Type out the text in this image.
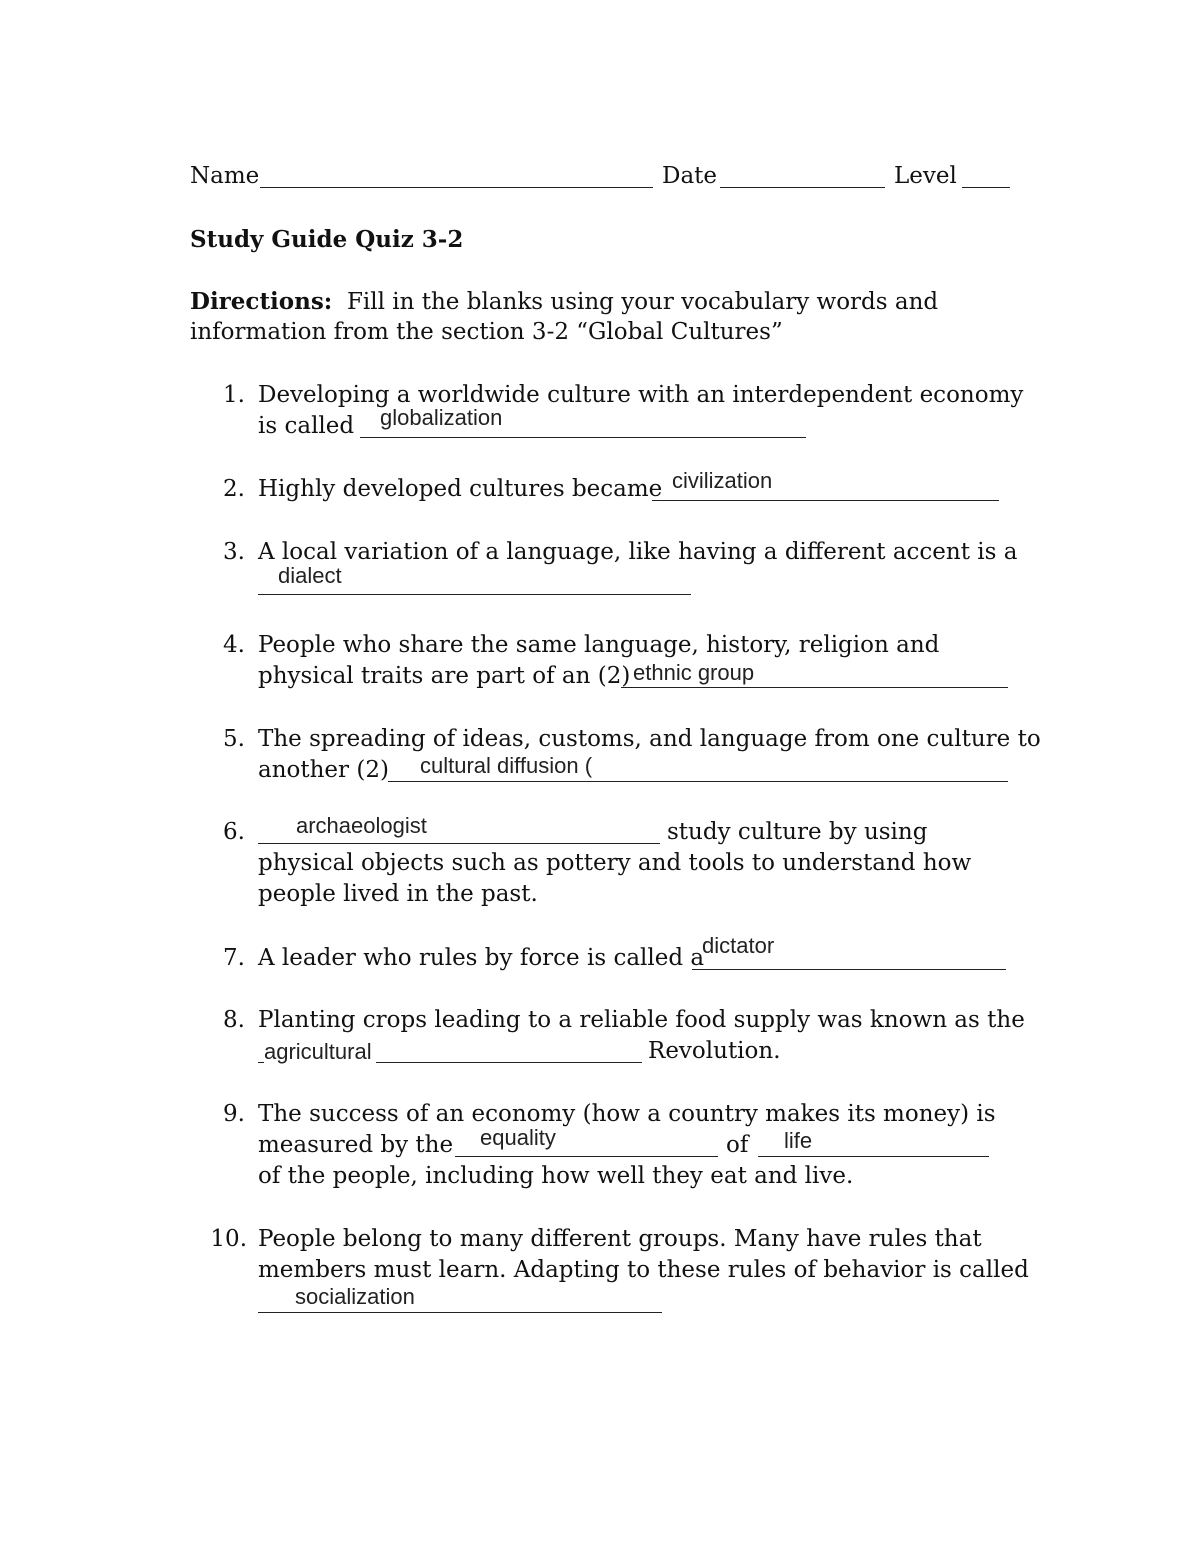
Name	Date	Level
Study Guide Quiz 3-2
Directions: Fill in the blanks using your vocabulary words and
information from the section 3-2 “Global Cultures”
1. Developing a worldwide culture with an interdependent economy
is called globalization
2. Highly developed cultures became civilization
3. A local variation of a language, like having a different accent is a
dialect
4. People who share the same language, history, religion and
physical traits are part of an (2) ethnic group
5. The spreading of ideas, customs, and language from one culture to
another (2) cultural diffusion (
6. archaeologist	study culture by using
physical objects such as pottery and tools to understand how
people lived in the past.
7. A leader who rules by force is called a
dictator
8. Planting crops leading to a reliable food supply was known as the
agricultural	Revolution.
9. The success of an economy (how a country makes its money) is
measured by the equality	of life
of the people, including how well they eat and live.
10. People belong to many different groups. Many have rules that
members must learn. Adapting to these rules of behavior is called
socialization
